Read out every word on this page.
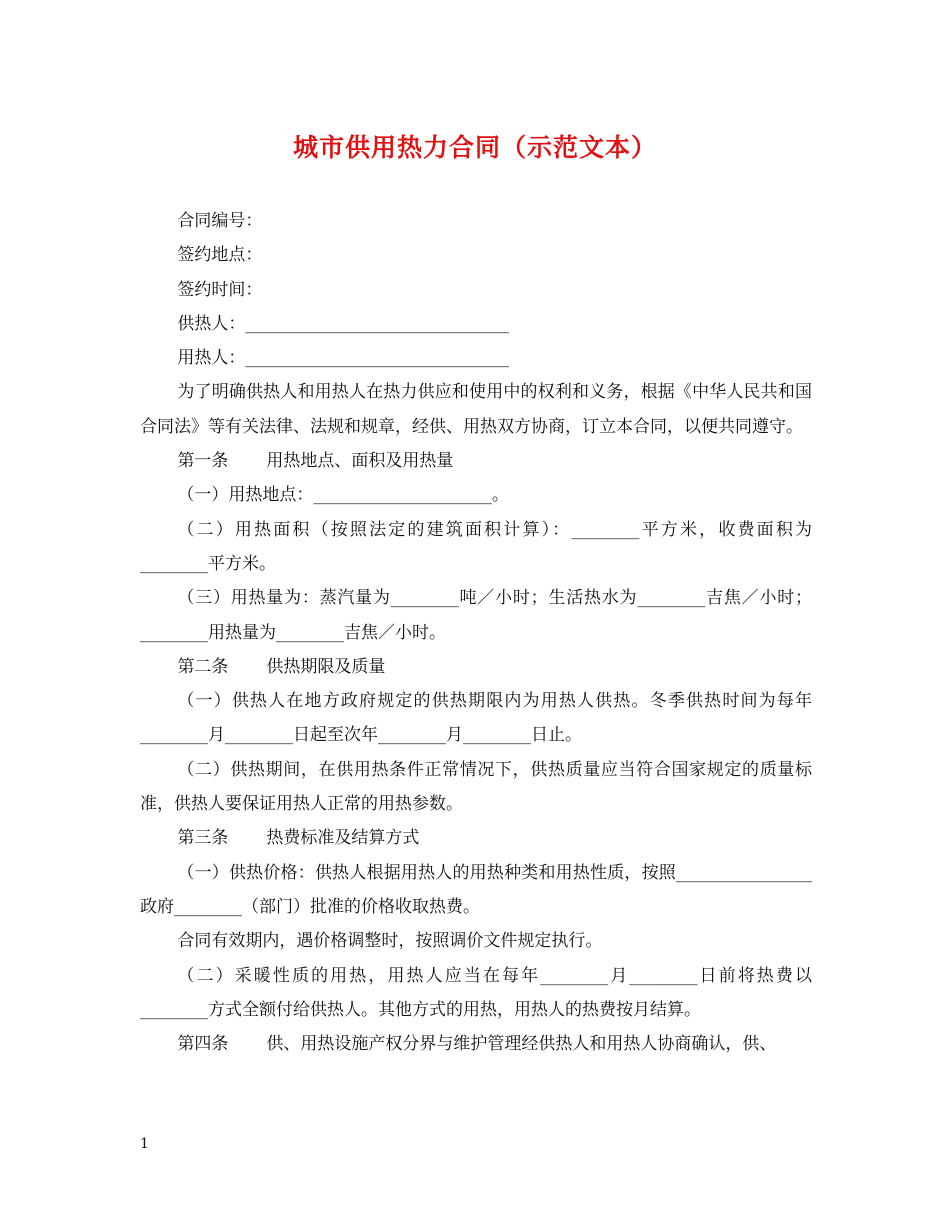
城市供用热力合同（示范文本）

合同编号：

签约地点：

签约时间：

供热人：_______________________________

用热人：_______________________________

为了明确供热人和用热人在热力供应和使用中的权利和义务，根据《中华人民共和国合同法》等有关法律、法规和规章，经供、用热双方协商，订立本合同，以便共同遵守。

第一条 用热地点、面积及用热量

（一）用热地点：_____________________。

（二）用热面积（按照法定的建筑面积计算）：________平方米，收费面积为________平方米。

（三）用热量为：蒸汽量为________吨／小时；生活热水为________吉焦／小时；________用热量为________吉焦／小时。

第二条 供热期限及质量

（一）供热人在地方政府规定的供热期限内为用热人供热。冬季供热时间为每年________月________日起至次年________月________日止。

（二）供热期间，在供用热条件正常情况下，供热质量应当符合国家规定的质量标准，供热人要保证用热人正常的用热参数。

第三条 热费标准及结算方式

（一）供热价格：供热人根据用热人的用热种类和用热性质，按照________________政府________（部门）批准的价格收取热费。

合同有效期内，遇价格调整时，按照调价文件规定执行。

（二）采暖性质的用热，用热人应当在每年________月________日前将热费以________方式全额付给供热人。其他方式的用热，用热人的热费按月结算。

第四条 供、用热设施产权分界与维护管理经供热人和用热人协商确认，供、

1
